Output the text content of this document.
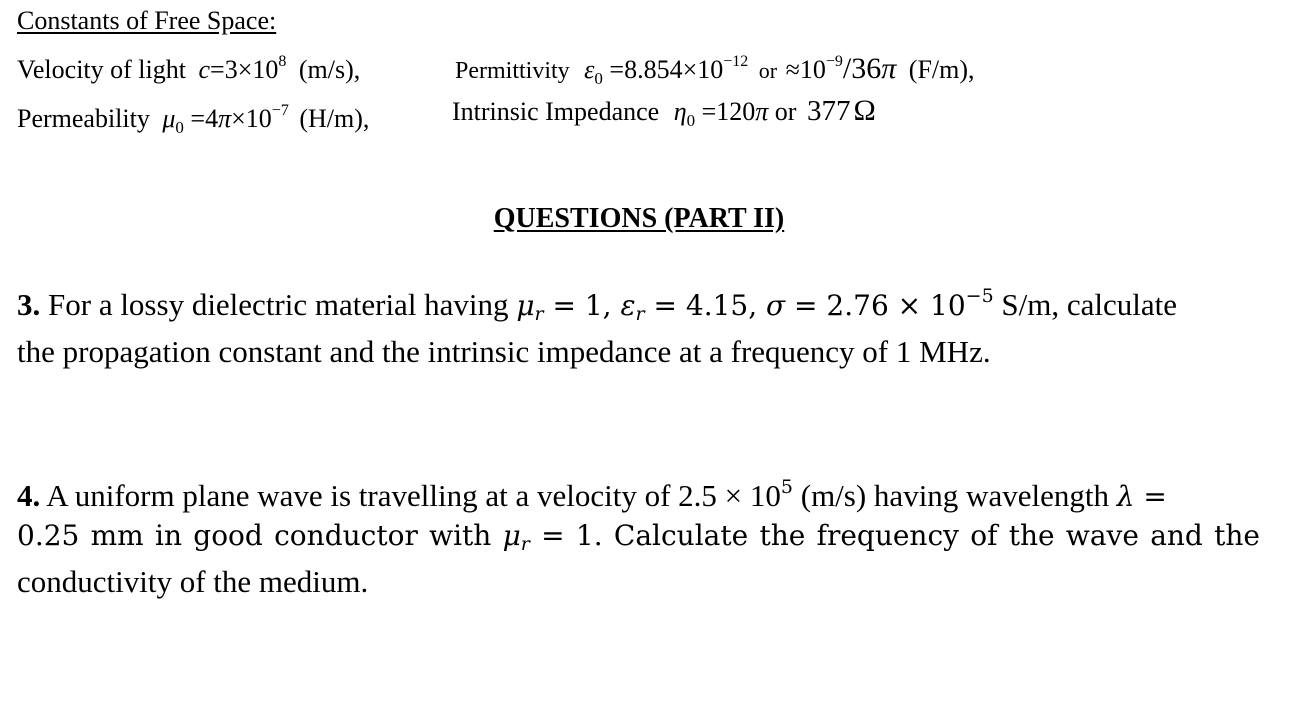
Constants of Free Space:
Velocity of light $c=3\times 10^8$ (m/s),	Permittivity $\varepsilon_0 =8.854\times 10^{-12}$ or $\approx 10^{-9}/36\pi$ (F/m),
Permeability $\mu_0 =4\pi\times 10^{-7}$ (H/m),	Intrinsic Impedance $\eta_0 =120\pi$ or 377 Ω
QUESTIONS (PART II)
3. For a lossy dielectric material having μr = 1, εr = 4.15, $\sigma = 2.76 \times 10^{-5}$ S/m, calculate
the propagation constant and the intrinsic impedance at a frequency of 1 MHz.
4. A uniform plane wave is travelling at a velocity of $2.5 \times 10^5$ (m/s) having wavelength λ =
0.25 mm in good conductor with μr = 1. Calculate the frequency of the wave and the
conductivity of the medium.
